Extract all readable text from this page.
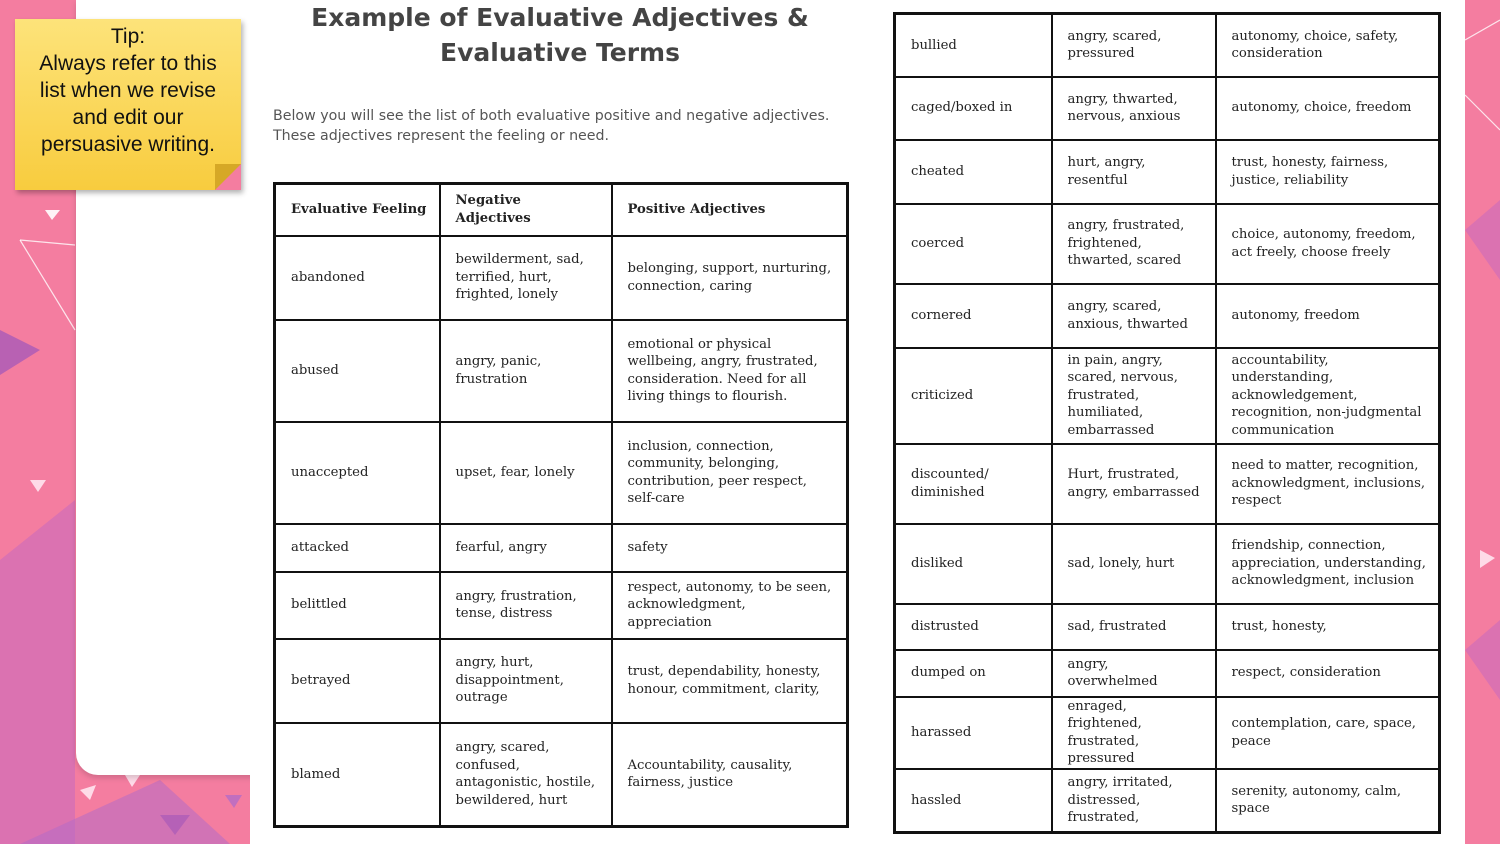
Tip:
Always refer to this
list when we revise
and edit our
persuasive writing.
Example of Evaluative Adjectives &
Evaluative Terms
Below you will see the list of both evaluative positive and negative adjectives.
These adjectives represent the feeling or need.
Evaluative Feeling	Negative Adjectives	Positive Adjectives
abandoned	bewilderment, sad, terrified, hurt, frighted, lonely	belonging, support, nurturing, connection, caring
abused	angry, panic, frustration	emotional or physical wellbeing, angry, frustrated, consideration. Need for all living things to flourish.
unaccepted	upset, fear, lonely	inclusion, connection, community, belonging, contribution, peer respect, self-care
attacked	fearful, angry	safety
belittled	angry, frustration, tense, distress	respect, autonomy, to be seen, acknowledgment, appreciation
betrayed	angry, hurt, disappointment, outrage	trust, dependability, honesty, honour, commitment, clarity,
blamed	angry, scared, confused, antagonistic, hostile, bewildered, hurt	Accountability, causality, fairness, justice
bullied	angry, scared, pressured	autonomy, choice, safety, consideration
caged/boxed in	angry, thwarted, nervous, anxious	autonomy, choice, freedom
cheated	hurt, angry, resentful	trust, honesty, fairness, justice, reliability
coerced	angry, frustrated, frightened, thwarted, scared	choice, autonomy, freedom, act freely, choose freely
cornered	angry, scared, anxious, thwarted	autonomy, freedom
criticized	in pain, angry, scared, nervous, frustrated, humiliated, embarrassed	accountability, understanding, acknowledgement, recognition, non-judgmental communication
discounted/ diminished	Hurt, frustrated, angry, embarrassed	need to matter, recognition, acknowledgment, inclusions, respect
disliked	sad, lonely, hurt	friendship, connection, appreciation, understanding, acknowledgment, inclusion
distrusted	sad, frustrated	trust, honesty,
dumped on	angry, overwhelmed	respect, consideration
harassed	enraged, frightened, frustrated, pressured	contemplation, care, space, peace
hassled	angry, irritated, distressed, frustrated,	serenity, autonomy, calm, space
